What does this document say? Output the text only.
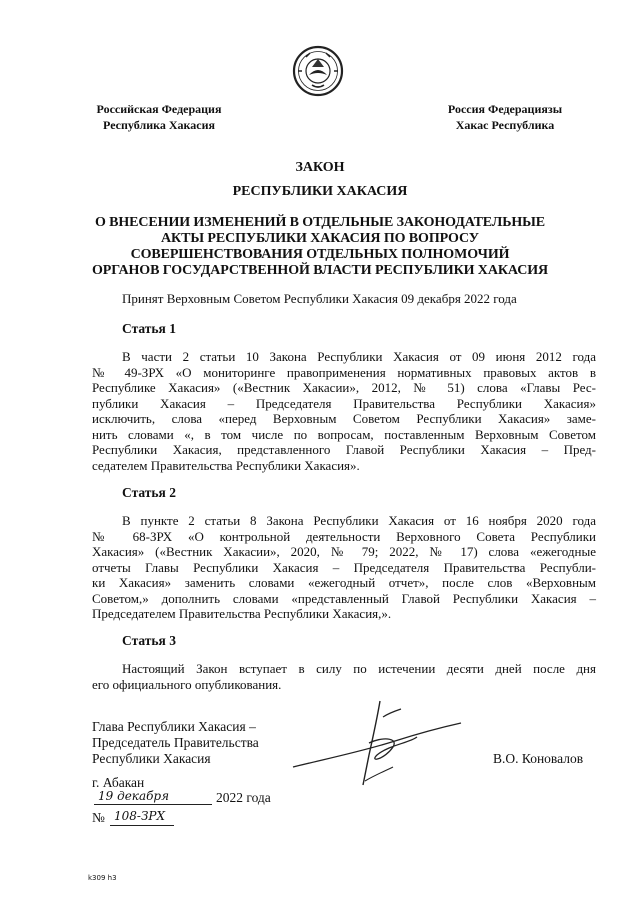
Российская Федерация
Республика Хакасия
Россия Федерациязы
Хакас Республика
ЗАКОН
РЕСПУБЛИКИ ХАКАСИЯ
О ВНЕСЕНИИ ИЗМЕНЕНИЙ В ОТДЕЛЬНЫЕ ЗАКОНОДАТЕЛЬНЫЕ
АКТЫ РЕСПУБЛИКИ ХАКАСИЯ ПО ВОПРОСУ
СОВЕРШЕНСТВОВАНИЯ ОТДЕЛЬНЫХ ПОЛНОМОЧИЙ
ОРГАНОВ ГОСУДАРСТВЕННОЙ ВЛАСТИ РЕСПУБЛИКИ ХАКАСИЯ
Принят Верховным Советом Республики Хакасия 09 декабря 2022 года
Статья 1
В части 2 статьи 10 Закона Республики Хакасия от 09 июня 2012 года
№ 49-ЗРХ «О мониторинге правоприменения нормативных правовых актов в
Республике Хакасия» («Вестник Хакасии», 2012, № 51) слова «Главы Рес-
публики Хакасия – Председателя Правительства Республики Хакасия»
исключить, слова «перед Верховным Советом Республики Хакасия» заме-
нить словами «, в том числе по вопросам, поставленным Верховным Советом
Республики Хакасия, представленного Главой Республики Хакасия – Пред-
седателем Правительства Республики Хакасия».
Статья 2
В пункте 2 статьи 8 Закона Республики Хакасия от 16 ноября 2020 года
№ 68-ЗРХ «О контрольной деятельности Верховного Совета Республики
Хакасия» («Вестник Хакасии», 2020, № 79; 2022, № 17) слова «ежегодные
отчеты Главы Республики Хакасия – Председателя Правительства Республи-
ки Хакасия» заменить словами «ежегодный отчет», после слов «Верховным
Советом,» дополнить словами «представленный Главой Республики Хакасия –
Председателем Правительства Республики Хакасия,».
Статья 3
Настоящий Закон вступает в силу по истечении десяти дней после дня
его официального опубликования.
Глава Республики Хакасия –
Председатель Правительства
Республики Хакасия	В.О. Коновалов
г. Абакан
19 декабря	2022 года
№ 108-ЗРХ
k309 h3
